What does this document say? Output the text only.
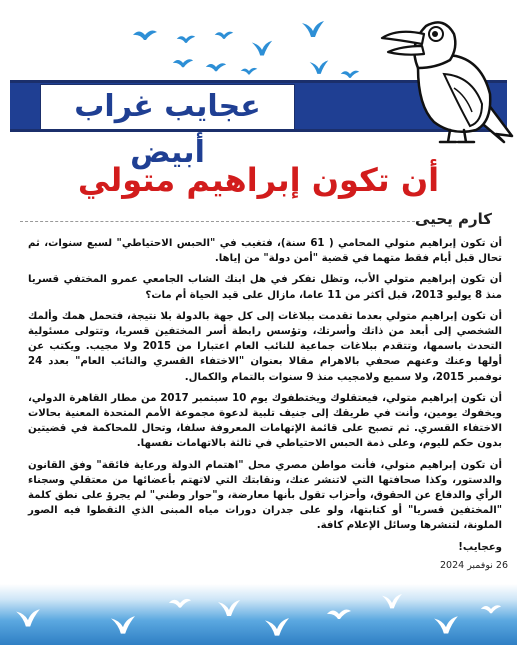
عجايب غراب أبيض
أن تكون إبراهيم متولي
كارم يحيى

أن تكون إبراهيم متولي المحامي ( 61 سنة)، فتغيب في "الحبس الاحتياطي" لسبع سنوات، ثم تحال قبل أيام فقط متهما في قضية "أمن دولة" من إياها.

أن تكون إبراهيم متولي الأب، وتظل تفكر في هل ابنك الشاب الجامعي عمرو المختفي قسريا منذ 8 يوليو 2013، قبل أكثر من 11 عاما، مازال على قيد الحياة أم مات؟

أن تكون إبراهيم متولي بعدما تقدمت ببلاغات إلى كل جهة بالدولة بلا نتيجة، فتحمل همك وألمك الشخصي إلى أبعد من ذاتك وأسرتك، وتؤسس رابطة أسر المختفين قسريا، وتتولى مسئولية التحدث باسمها، وتتقدم ببلاغات جماعية للنائب العام اعتبارا من 2015 ولا مجيب. ويكتب عن أولها وعنك وعنهم صحفي بالاهرام مقالا بعنوان "الاختفاء القسري والنائب العام" بعدد 24 نوفمبر 2015، ولا سميع ولامجيب منذ 9 سنوات بالتمام والكمال.

أن تكون إبراهيم متولي، فيعتقلوك ويختطفوك يوم 10 سبتمبر 2017 من مطار القاهرة الدولي، ويخفوك يومين، وأنت في طريقك إلى جنيف تلبية لدعوة مجموعة الأمم المتحدة المعنية بحالات الاختفاء القسري. ثم تصبح على قائمة الإتهامات المعروفة سلفا، وتحال للمحاكمة في قضيتين بدون حكم لليوم، وعلى ذمة الحبس الاحتياطي في ثالثة بالاتهامات نفسها.

أن تكون إبراهيم متولي، فأنت مواطن مصري محل "اهتمام الدولة ورعاية فائقة" وفق القانون والدستور، وكذا صحافتها التي لاتنشر عنك، ونقابتك التي لاتهتم بأعضائها من معتقلي وسجناء الرأي والدفاع عن الحقوق، وأحزاب تقول بأنها معارضة، و"حوار وطني" لم يجرؤ على نطق كلمة "المختفين قسريا" أو كتابتها، ولو على جدران دورات مياه المبنى الذي التقطوا فيه الصور الملونة، لتنشرها وسائل الإعلام كافة.

وعجايب!

26 نوفمبر 2024
